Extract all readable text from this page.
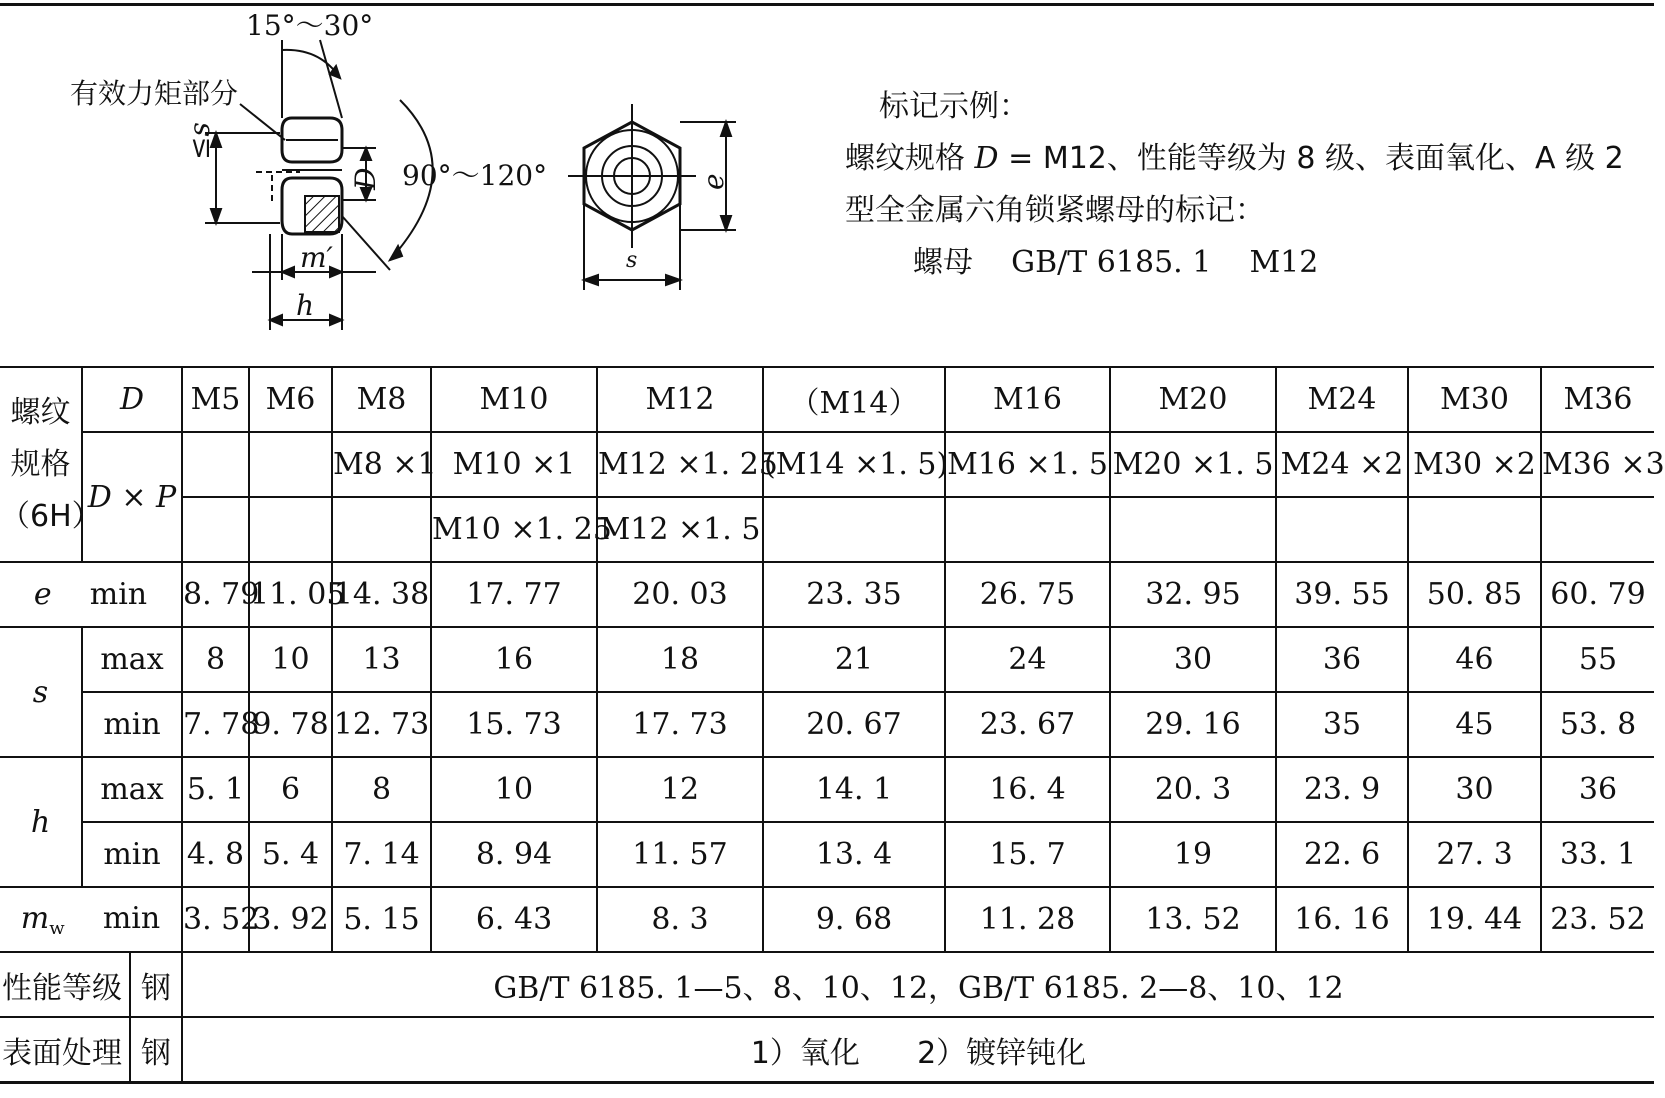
15°～30°
有效力矩部分
≤s
D 90°～120°
m′
h
e
s
标记示例：
螺纹规格 D = M12、性能等级为 8 级、表面氧化、A 级 2
型全金属六角锁紧螺母的标记：
螺母    GB/T 6185. 1    M12
螺纹
规格
（6H）	D		M5	M6	M8	M10	M12	（M14）	M16	M20	M24	M30	M36
	D × P				M8 ×1	M10 ×1	M12 ×1. 25	(M14 ×1. 5)	M16 ×1. 5	M20 ×1. 5	M24 ×2	M30 ×2	M36 ×3
						M10 ×1. 25	M12 ×1. 5						
e min			8. 79	11. 05	14. 38	17. 77	20. 03	23. 35	26. 75	32. 95	39. 55	50. 85	60. 79
s	max		8	10	13	16	18	21	24	30	36	46	55
	min		7. 78	9. 78	12. 73	15. 73	17. 73	20. 67	23. 67	29. 16	35	45	53. 8
h	max		5. 1	6	8	10	12	14. 1	16. 4	20. 3	23. 9	30	36
	min		4. 8	5. 4	7. 14	8. 94	11. 57	13. 4	15. 7	19	22. 6	27. 3	33. 1
$m_w$ min			3. 52	3. 92	5. 15	6. 43	8. 3	9. 68	11. 28	13. 52	16. 16	19. 44	23. 52
性能等级		钢	GB/T 6185. 1—5、8、10、12，GB/T 6185. 2—8、10、12										
表面处理		钢	1）氧化      2）镀锌钝化										
